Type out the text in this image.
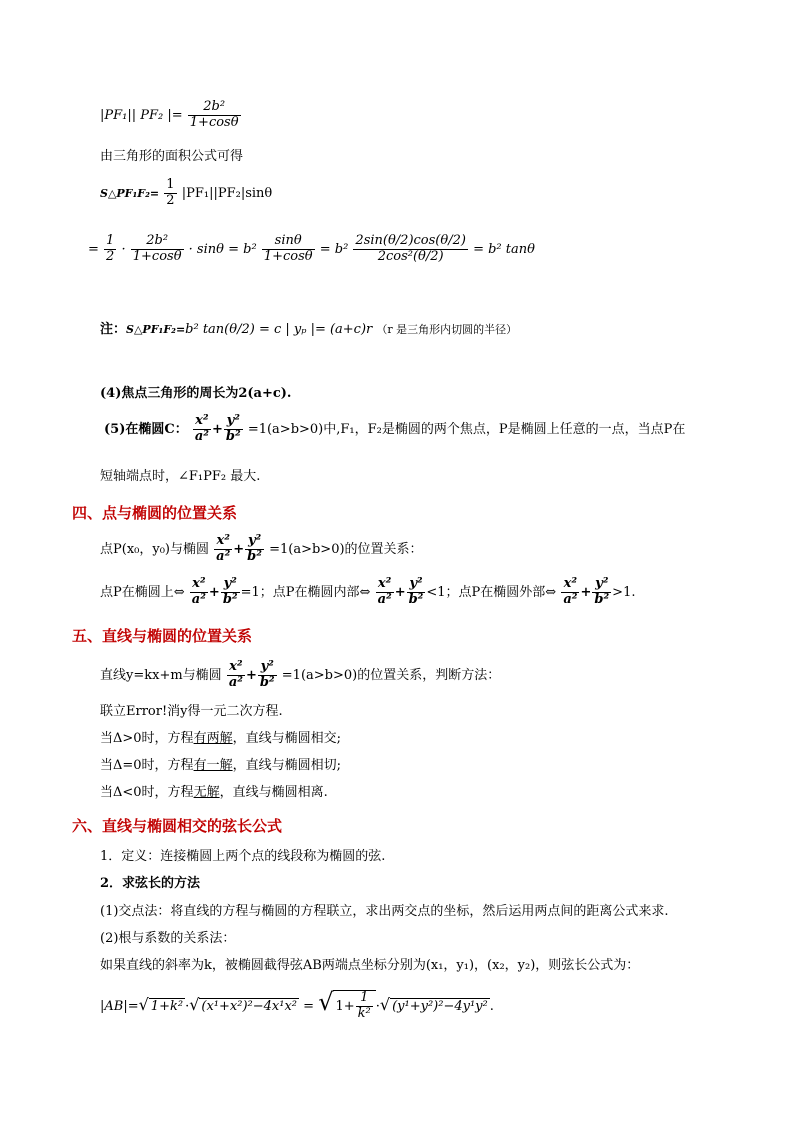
|PF₁|| PF₂ |= $\frac{\text{2b²}}{1+\cos\theta}$
由三角形的面积公式可得
S△PF₁F₂= $\frac{1}{2} |PF_1||PF_2|\sin\theta$
= $\frac{1}{2} \cdot \frac{\text{2b²}}{1+\cos\theta} \cdot \sin\theta = b^2 \frac{\sin\theta}{1+\cos\theta} = b^2 \frac{2\sin(\theta/2)\cos(\theta/2)}{\text{2cos²(θ/2)}} = b^2$ tanθ
注：S△PF₁F₂=b² tan(θ/2) = c | yₚ |= (a+c)r （r 是三角形内切圆的半径）
(4)焦点三角形的周长为2(a+c).
(5)在椭圆C： $\frac{\text{x²}}{\text{a²}} + \frac{\text{y²}}{\text{b²}} =1(a>b>0)$中,F₁，F₂是椭圆的两个焦点，P是椭圆上任意的一点，当点P在
短轴端点时，∠F₁PF₂ 最大.
四、点与椭圆的位置关系
点P(x₀，y₀)与椭圆 $\frac{\text{x²}}{\text{a²}} + \frac{\text{y²}}{\text{b²}} =1(a>b>0)$的位置关系：
点P在椭圆上⇔ $\frac{\text{x²}}{\text{a²}} + \frac{\text{y²}}{\text{b²}} =1$；点P在椭圆内部⇔ $\frac{\text{x²}}{\text{a²}} + \frac{\text{y²}}{\text{b²}} <1$；点P在椭圆外部⇔ $\frac{\text{x²}}{\text{a²}} + \frac{\text{y²}}{\text{b²}} >1$.
五、直线与椭圆的位置关系
直线y=kx+m与椭圆 $\frac{\text{x²}}{\text{a²}} + \frac{\text{y²}}{\text{b²}} =1(a>b>0)$的位置关系，判断方法：
联立Error!消y得一元二次方程.
当Δ>0时，方程有两解，直线与椭圆相交;
当Δ=0时，方程有一解，直线与椭圆相切;
当Δ<0时，方程无解，直线与椭圆相离.
六、直线与椭圆相交的弦长公式
1．定义：连接椭圆上两个点的线段称为椭圆的弦.
2．求弦长的方法
(1)交点法：将直线的方程与椭圆的方程联立，求出两交点的坐标，然后运用两点间的距离公式来求.
(2)根与系数的关系法：
如果直线的斜率为k，被椭圆截得弦AB两端点坐标分别为(x₁，y₁)，(x₂，y₂)，则弦长公式为：
|AB|=√ 1+k² ·√ (x¹+x²)²−4x¹x² = √ $1+ \frac{1}{\text{k²}}$ ·√ (y¹+y²)²−4y¹y² .
